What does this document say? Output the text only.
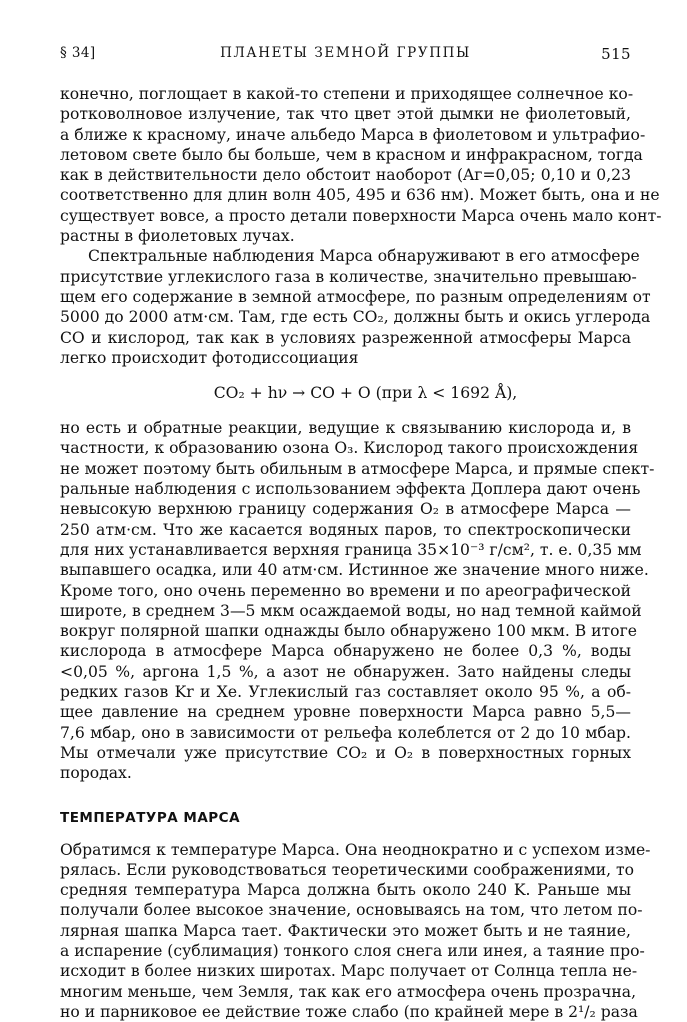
§ 34]	ПЛАНЕТЫ ЗЕМНОЙ ГРУППЫ	515
конечно, поглощает в какой-то степени и приходящее солнечное ко-
ротковолновое излучение, так что цвет этой дымки не фиолетовый,
а ближе к красному, иначе альбедо Марса в фиолетовом и ультрафио-
летовом свете было бы больше, чем в красном и инфракрасном, тогда
как в действительности дело обстоит наоборот (Aг=0,05; 0,10 и 0,23
соответственно для длин волн 405, 495 и 636 нм). Может быть, она и не
существует вовсе, а просто детали поверхности Марса очень мало конт-
растны в фиолетовых лучах.
Спектральные наблюдения Марса обнаруживают в его атмосфере
присутствие углекислого газа в количестве, значительно превышаю-
щем его содержание в земной атмосфере, по разным определениям от
5000 до 2000 атм·см. Там, где есть CO₂, должны быть и окись углерода
CO и кислород, так как в условиях разреженной атмосферы Марса
легко происходит фотодиссоциация
CO₂ + hν → CO + O (при λ < 1692 Å),
но есть и обратные реакции, ведущие к связыванию кислорода и, в
частности, к образованию озона O₃. Кислород такого происхождения
не может поэтому быть обильным в атмосфере Марса, и прямые спект-
ральные наблюдения с использованием эффекта Доплера дают очень
невысокую верхнюю границу содержания O₂ в атмосфере Марса —
250 атм·см. Что же касается водяных паров, то спектроскопически
для них устанавливается верхняя граница 35×10⁻³ г/см², т. е. 0,35 мм
выпавшего осадка, или 40 атм·см. Истинное же значение много ниже.
Кроме того, оно очень переменно во времени и по ареографической
широте, в среднем 3—5 мкм осаждаемой воды, но над темной каймой
вокруг полярной шапки однажды было обнаружено 100 мкм. В итоге
кислорода в атмосфере Марса обнаружено не более 0,3 %, воды
<0,05 %, аргона 1,5 %, а азот не обнаружен. Зато найдены следы
редких газов Kr и Xe. Углекислый газ составляет около 95 %, а об-
щее давление на среднем уровне поверхности Марса равно 5,5—
7,6 мбар, оно в зависимости от рельефа колеблется от 2 до 10 мбар.
Мы отмечали уже присутствие CO₂ и O₂ в поверхностных горных
породах.
ТЕМПЕРАТУРА МАРСА
Обратимся к температуре Марса. Она неоднократно и с успехом изме-
рялась. Если руководствоваться теоретическими соображениями, то
средняя температура Марса должна быть около 240 K. Раньше мы
получали более высокое значение, основываясь на том, что летом по-
лярная шапка Марса тает. Фактически это может быть и не таяние,
а испарение (сублимация) тонкого слоя снега или инея, а таяние про-
исходит в более низких широтах. Марс получает от Солнца тепла не-
многим меньше, чем Земля, так как его атмосфера очень прозрачна,
но и парниковое ее действие тоже слабо (по крайней мере в 2¹/₂ раза
